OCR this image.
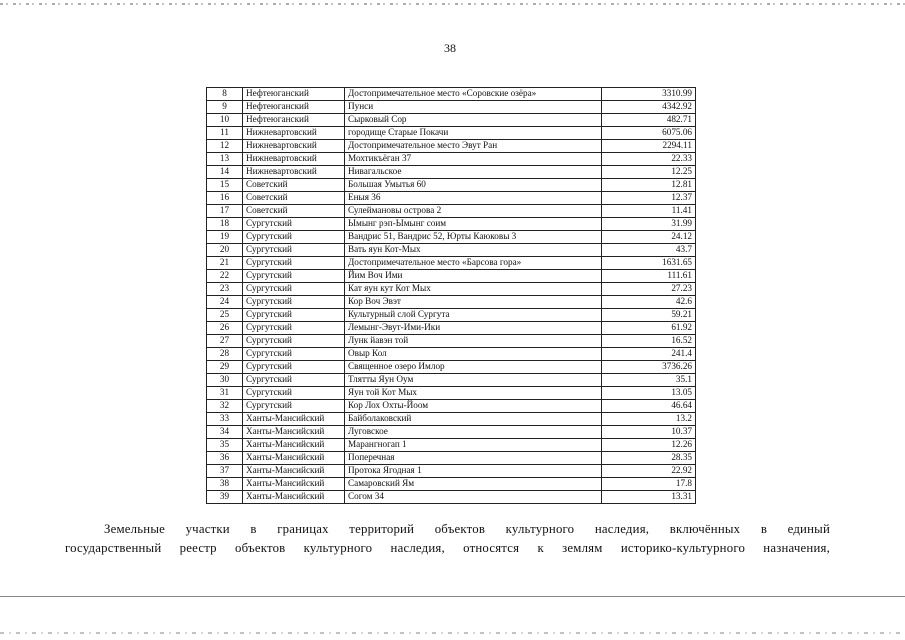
38
8	Нефтеюганский	Достопримечательное место «Соровские озёра»	3310.99
9	Нефтеюганский	Пунси	4342.92
10	Нефтеюганский	Сырковый Сор	482.71
11	Нижневартовский	городище Старые Покачи	6075.06
12	Нижневартовский	Достопримечательное место Эвут Ран	2294.11
13	Нижневартовский	Мохтикъёган 37	22.33
14	Нижневартовский	Нивагальское	12.25
15	Советский	Большая Умытья 60	12.81
16	Советский	Еныя 36	12.37
17	Советский	Сулеймановы острова 2	11.41
18	Сургутский	Ымынг рэп-Ымынг соим	31.99
19	Сургутский	Вандрис 51, Вандрис 52, Юрты Каюковы 3	24.12
20	Сургутский	Вать яун Кот-Мых	43.7
21	Сургутский	Достопримечательное место «Барсова гора»	1631.65
22	Сургутский	Йим Воч Ими	111.61
23	Сургутский	Кат яун кут Кот Мых	27.23
24	Сургутский	Кор Воч Эвэт	42.6
25	Сургутский	Культурный слой Сургута	59.21
26	Сургутский	Лемынг-Эвут-Ими-Ики	61.92
27	Сургутский	Лунк йавэн той	16.52
28	Сургутский	Овыр Кол	241.4
29	Сургутский	Священное озеро Имлор	3736.26
30	Сургутский	Тлятты Яун Оум	35.1
31	Сургутский	Яун той Кот Мых	13.05
32	Сургутский	Кор Лох Охты-Йоом	46.64
33	Ханты-Мансийский	Байболаковский	13.2
34	Ханты-Мансийский	Луговское	10.37
35	Ханты-Мансийский	Марангногап 1	12.26
36	Ханты-Мансийский	Поперечная	28.35
37	Ханты-Мансийский	Протока Ягодная 1	22.92
38	Ханты-Мансийский	Самаровский Ям	17.8
39	Ханты-Мансийский	Согом 34	13.31
Земельные участки в границах территорий объектов культурного наследия, включённых в единый
государственный реестр объектов культурного наследия, относятся к землям историко-культурного назначения,
